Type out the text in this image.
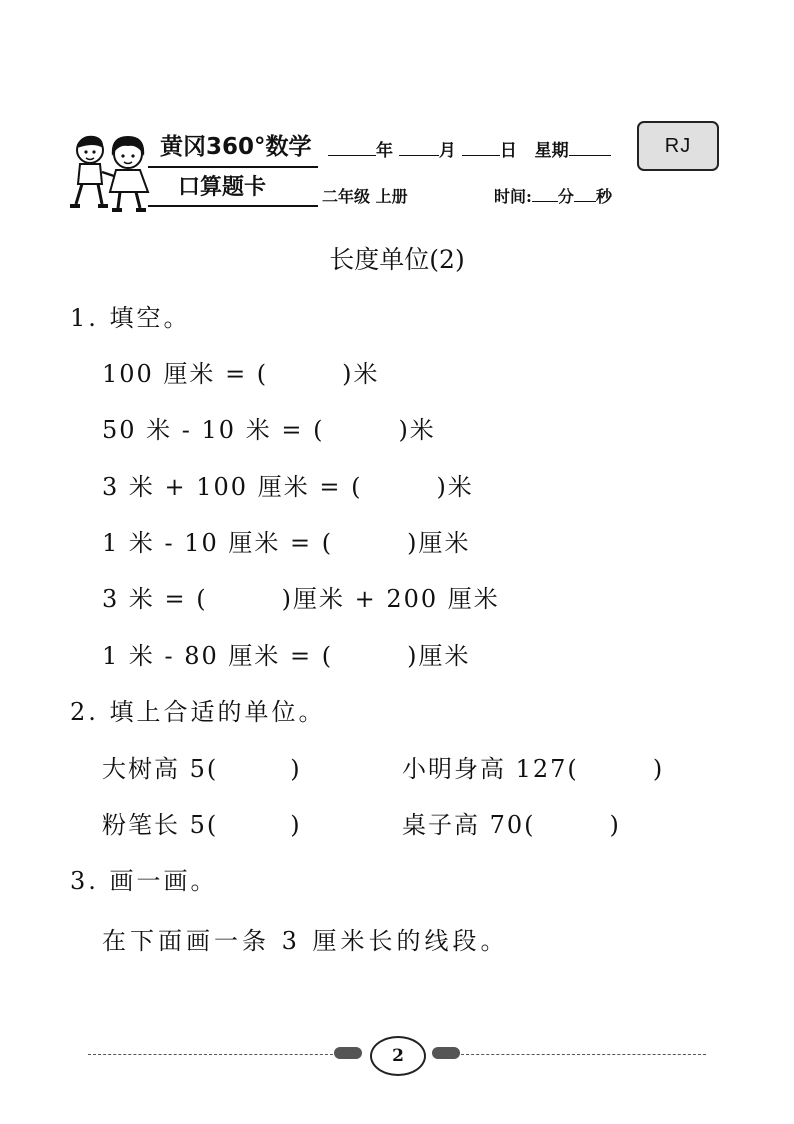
黄冈360°数学
口算题卡
年	月	日 星期
二年级 上册	时间: 分 秒
RJ
长度单位(2)
1. 填空。
100 厘米 = (	)米
50 米 - 10 米 = (	)米
3 米 + 100 厘米 = (	)米
1 米 - 10 厘米 = (	)厘米
3 米 = (	)厘米 + 200 厘米
1 米 - 80 厘米 = (	)厘米
2. 填上合适的单位。
大树高 5(	)	小明身高 127(	)
粉笔长 5(	)	桌子高 70(	)
3. 画一画。
在下面画一条 3 厘米长的线段。
2
